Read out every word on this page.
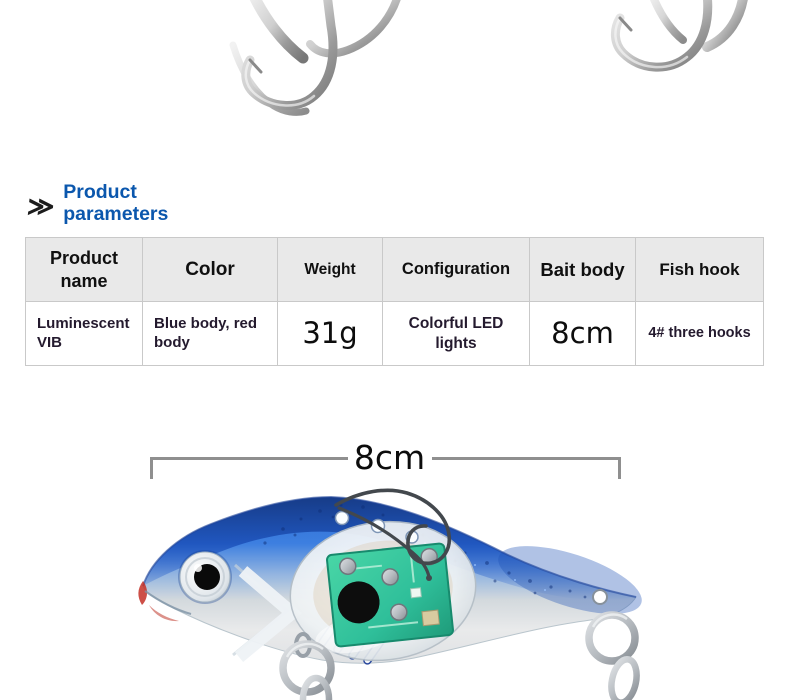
≫ Product parameters
Product name	Color	Weight	Configuration	Bait body	Fish hook
Luminescent VIB	Blue body, red body	31g	Colorful LED lights	8cm	4# three hooks
8cm
